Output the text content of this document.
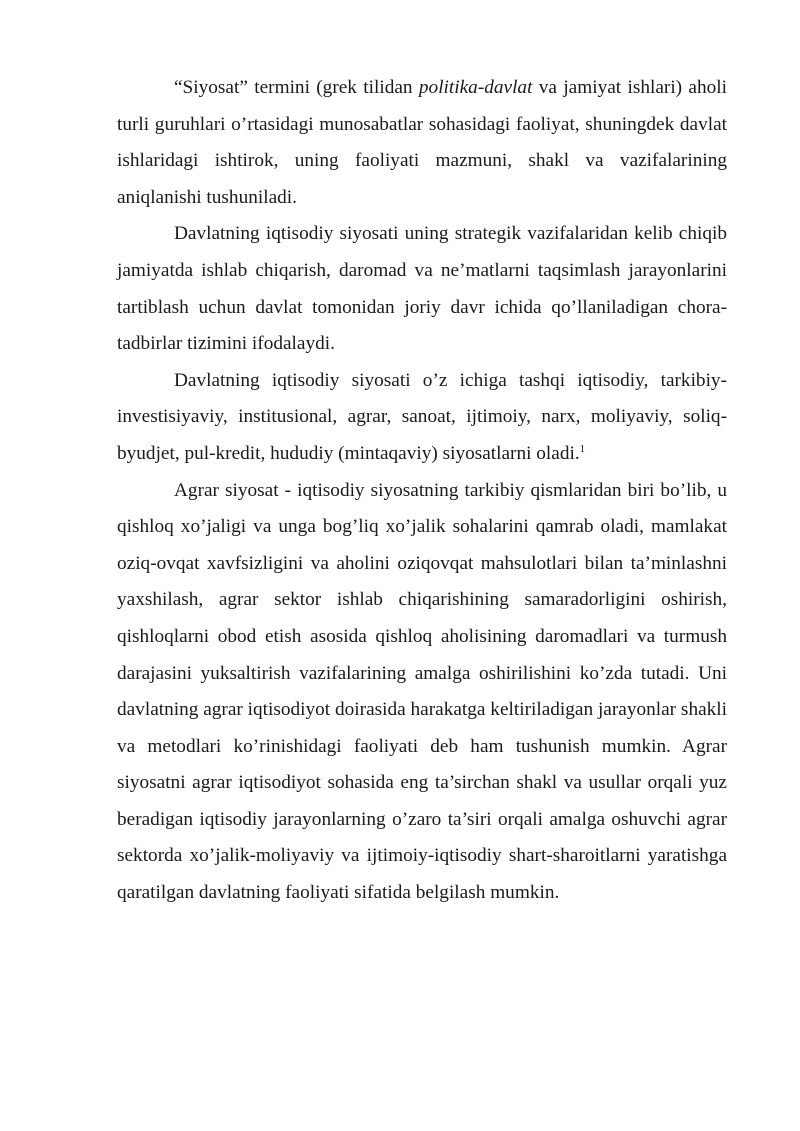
“Siyosat” termini (grek tilidan politika-davlat va jamiyat ishlari) aholi turli guruhlari o’rtasidagi munosabatlar sohasidagi faoliyat, shuningdek davlat ishlaridagi ishtirok, uning faoliyati mazmuni, shakl va vazifalarining aniqlanishi tushuniladi.

Davlatning iqtisodiy siyosati uning strategik vazifalaridan kelib chiqib jamiyatda ishlab chiqarish, daromad va ne’matlarni taqsimlash jarayonlarini tartiblash uchun davlat tomonidan joriy davr ichida qo’llaniladigan chora- tadbirlar tizimini ifodalaydi.

Davlatning iqtisodiy siyosati o’z ichiga tashqi iqtisodiy, tarkibiy-investisiyaviy, institusional, agrar, sanoat, ijtimoiy, narx, moliyaviy, soliq- byudjet, pul-kredit, hududiy (mintaqaviy) siyosatlarni oladi.$^1$

Agrar siyosat - iqtisodiy siyosatning tarkibiy qismlaridan biri bo’lib, u qishloq xo’jaligi va unga bog’liq xo’jalik sohalarini qamrab oladi, mamlakat oziq-ovqat xavfsizligini va aholini oziqovqat mahsulotlari bilan ta’minlashni yaxshilash, agrar sektor ishlab chiqarishining samaradorligini oshirish, qishloqlarni obod etish asosida qishloq aholisining daromadlari va turmush darajasini yuksaltirish vazifalarining amalga oshirilishini ko’zda tutadi. Uni davlatning agrar iqtisodiyot doirasida harakatga keltiriladigan jarayonlar shakli va metodlari ko’rinishidagi faoliyati deb ham tushunish mumkin. Agrar siyosatni agrar iqtisodiyot sohasida eng ta’sirchan shakl va usullar orqali yuz beradigan iqtisodiy jarayonlarning o’zaro ta’siri orqali amalga oshuvchi agrar sektorda xo’jalik-moliyaviy va ijtimoiy-iqtisodiy shart-sharoitlarni yaratishga qaratilgan davlatning faoliyati sifatida belgilash mumkin.
